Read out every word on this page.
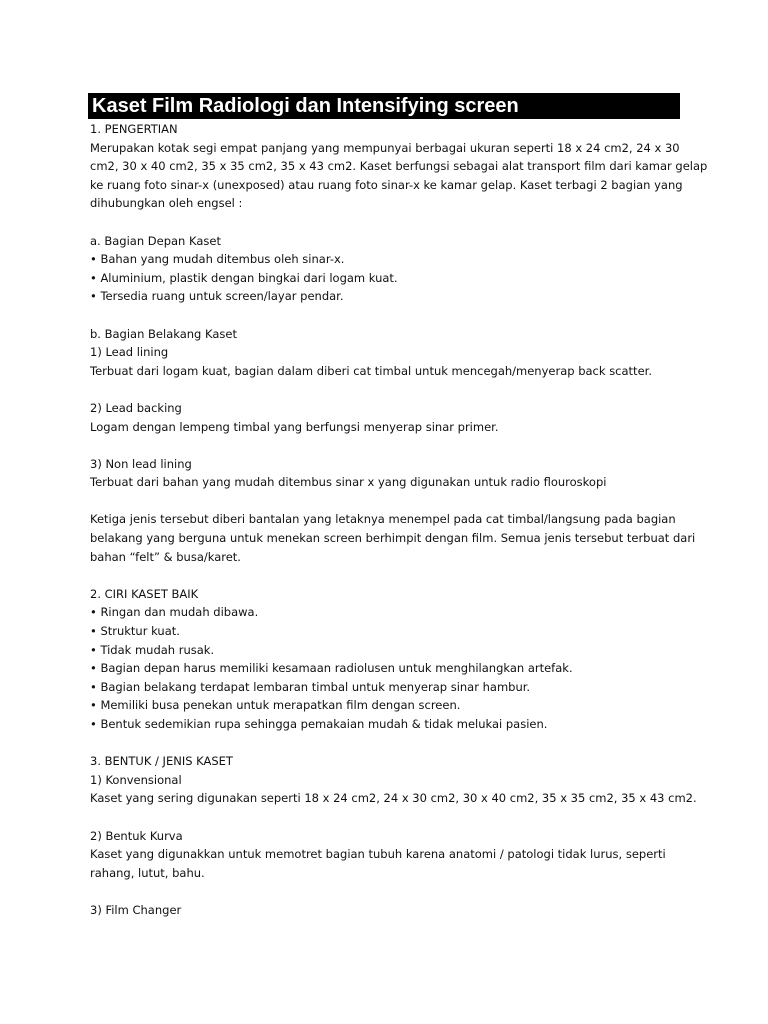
Kaset Film Radiologi dan Intensifying screen
1. PENGERTIAN
Merupakan kotak segi empat panjang yang mempunyai berbagai ukuran seperti 18 x 24 cm2, 24 x 30
cm2, 30 x 40 cm2, 35 x 35 cm2, 35 x 43 cm2. Kaset berfungsi sebagai alat transport film dari kamar gelap
ke ruang foto sinar-x (unexposed) atau ruang foto sinar-x ke kamar gelap. Kaset terbagi 2 bagian yang
dihubungkan oleh engsel :
a. Bagian Depan Kaset
• Bahan yang mudah ditembus oleh sinar-x.
• Aluminium, plastik dengan bingkai dari logam kuat.
• Tersedia ruang untuk screen/layar pendar.
b. Bagian Belakang Kaset
1) Lead lining
Terbuat dari logam kuat, bagian dalam diberi cat timbal untuk mencegah/menyerap back scatter.
2) Lead backing
Logam dengan lempeng timbal yang berfungsi menyerap sinar primer.
3) Non lead lining
Terbuat dari bahan yang mudah ditembus sinar x yang digunakan untuk radio flouroskopi
Ketiga jenis tersebut diberi bantalan yang letaknya menempel pada cat timbal/langsung pada bagian
belakang yang berguna untuk menekan screen berhimpit dengan film. Semua jenis tersebut terbuat dari
bahan “felt” & busa/karet.
2. CIRI KASET BAIK
• Ringan dan mudah dibawa.
• Struktur kuat.
• Tidak mudah rusak.
• Bagian depan harus memiliki kesamaan radiolusen untuk menghilangkan artefak.
• Bagian belakang terdapat lembaran timbal untuk menyerap sinar hambur.
• Memiliki busa penekan untuk merapatkan film dengan screen.
• Bentuk sedemikian rupa sehingga pemakaian mudah & tidak melukai pasien.
3. BENTUK / JENIS KASET
1) Konvensional
Kaset yang sering digunakan seperti 18 x 24 cm2, 24 x 30 cm2, 30 x 40 cm2, 35 x 35 cm2, 35 x 43 cm2.
2) Bentuk Kurva
Kaset yang digunakkan untuk memotret bagian tubuh karena anatomi / patologi tidak lurus, seperti
rahang, lutut, bahu.
3) Film Changer
